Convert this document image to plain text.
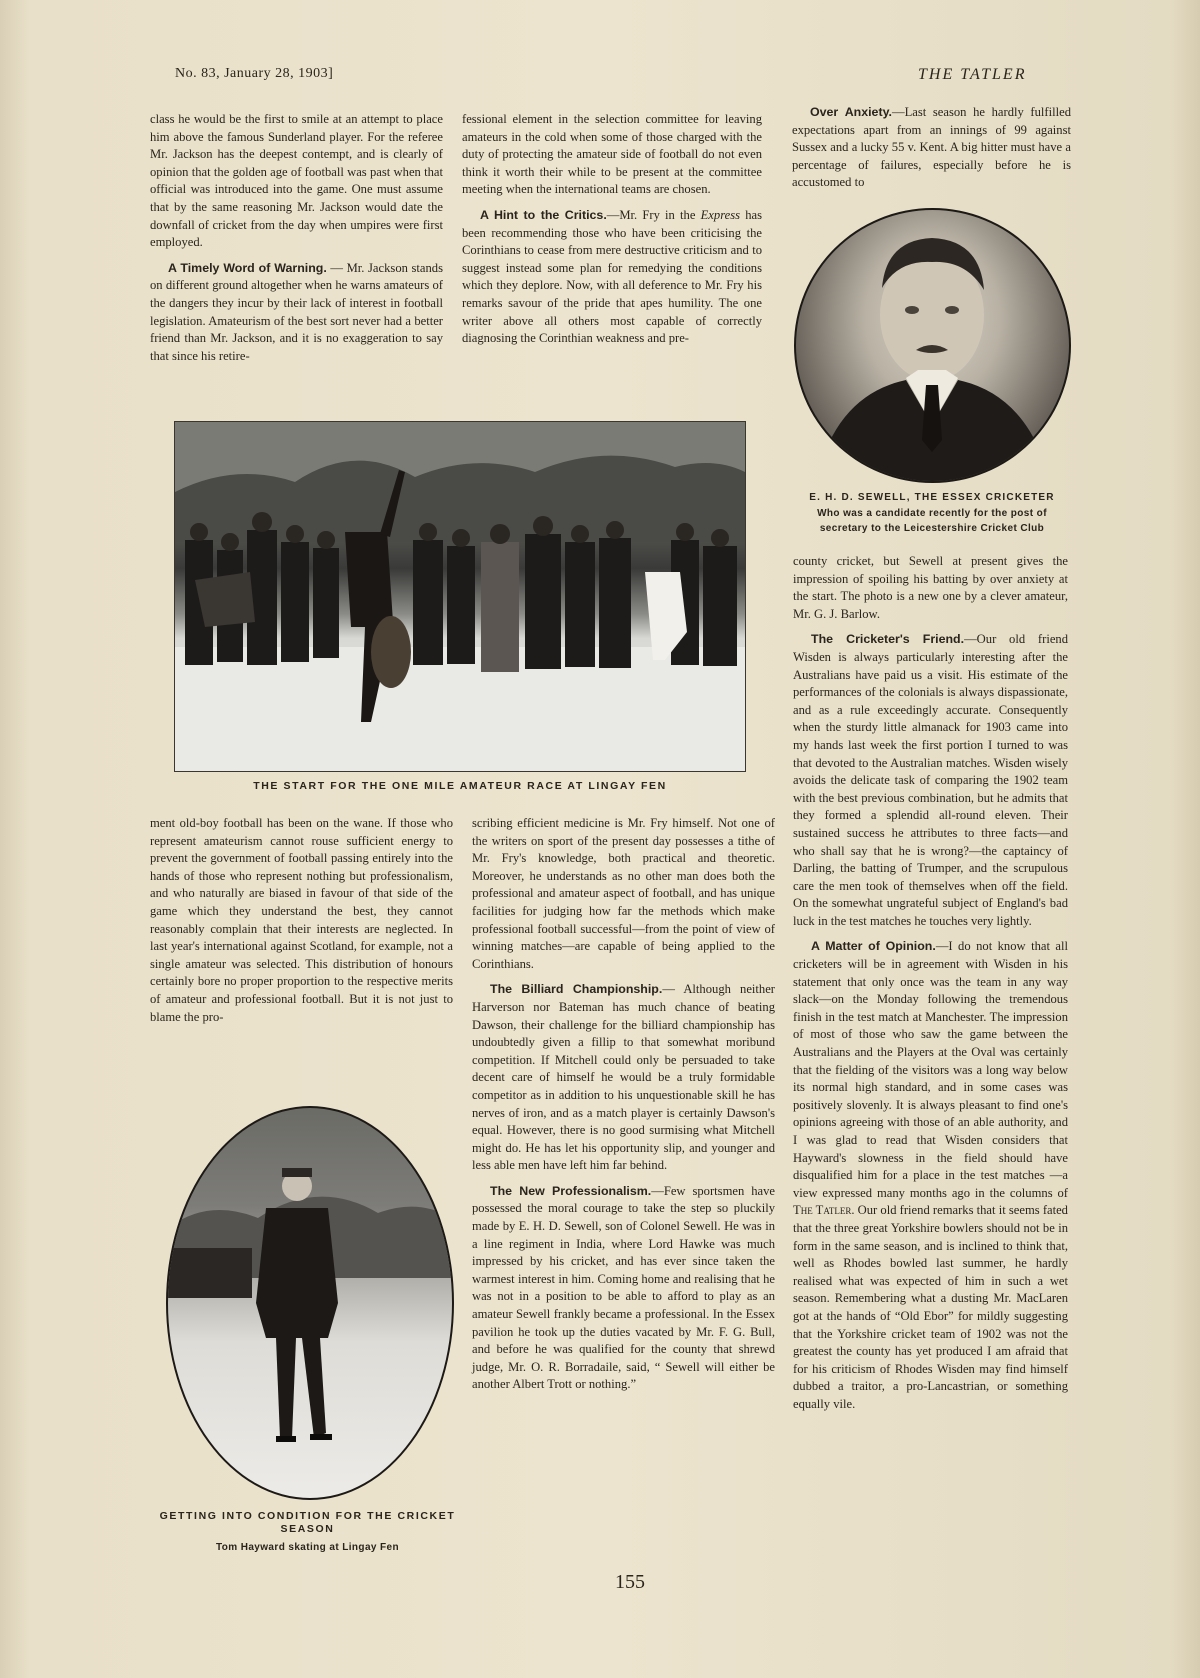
No. 83, January 28, 1903]	THE TATLER

class he would be the first to smile at an attempt to place him above the famous Sunderland player. For the referee Mr. Jackson has the deepest contempt, and is clearly of opinion that the golden age of football was past when that official was introduced into the game. One must assume that by the same reasoning Mr. Jackson would date the downfall of cricket from the day when umpires were first employed.

A Timely Word of Warning. — Mr. Jackson stands on different ground altogether when he warns amateurs of the dangers they incur by their lack of interest in football legislation. Amateurism of the best sort never had a better friend than Mr. Jackson, and it is no exaggeration to say that since his retire-

fessional element in the selection committee for leaving amateurs in the cold when some of those charged with the duty of protecting the amateur side of football do not even think it worth their while to be present at the committee meeting when the international teams are chosen.

A Hint to the Critics.—Mr. Fry in the Express has been recommending those who have been criticising the Corinthians to cease from mere destructive criticism and to suggest instead some plan for remedying the conditions which they deplore. Now, with all deference to Mr. Fry his remarks savour of the pride that apes humility. The one writer above all others most capable of correctly diagnosing the Corinthian weakness and pre-

Over Anxiety.—Last season he hardly fulfilled expectations apart from an innings of 99 against Sussex and a lucky 55 v. Kent. A big hitter must have a percentage of failures, especially before he is accustomed to

E. H. D. SEWELL, THE ESSEX CRICKETER
Who was a candidate recently for the post of
secretary to the Leicestershire Cricket Club
THE START FOR THE ONE MILE AMATEUR RACE AT LINGAY FEN

ment old-boy football has been on the wane. If those who represent amateurism cannot rouse sufficient energy to prevent the government of football passing entirely into the hands of those who represent nothing but professionalism, and who naturally are biased in favour of that side of the game which they understand the best, they cannot reasonably complain that their interests are neglected. In last year's international against Scotland, for example, not a single amateur was selected. This distribution of honours certainly bore no proper proportion to the respective merits of amateur and professional football. But it is not just to blame the pro-

GETTING INTO CONDITION FOR THE CRICKET
SEASON
Tom Hayward skating at Lingay Fen

scribing efficient medicine is Mr. Fry himself. Not one of the writers on sport of the present day possesses a tithe of Mr. Fry's knowledge, both practical and theoretic. Moreover, he understands as no other man does both the professional and amateur aspect of football, and has unique facilities for judging how far the methods which make professional football successful—from the point of view of winning matches—are capable of being applied to the Corinthians.

The Billiard Championship.— Although neither Harverson nor Bateman has much chance of beating Dawson, their challenge for the billiard championship has undoubtedly given a fillip to that somewhat moribund competition. If Mitchell could only be persuaded to take decent care of himself he would be a truly formidable competitor as in addition to his unquestionable skill he has nerves of iron, and as a match player is certainly Dawson's equal. However, there is no good surmising what Mitchell might do. He has let his opportunity slip, and younger and less able men have left him far behind.

The New Professionalism.—Few sportsmen have possessed the moral courage to take the step so pluckily made by E. H. D. Sewell, son of Colonel Sewell. He was in a line regiment in India, where Lord Hawke was much impressed by his cricket, and has ever since taken the warmest interest in him. Coming home and realising that he was not in a position to be able to afford to play as an amateur Sewell frankly became a professional. In the Essex pavilion he took up the duties vacated by Mr. F. G. Bull, and before he was qualified for the county that shrewd judge, Mr. O. R. Borradaile, said, “ Sewell will either be another Albert Trott or nothing.”

county cricket, but Sewell at present gives the impression of spoiling his batting by over anxiety at the start. The photo is a new one by a clever amateur, Mr. G. J. Barlow.

The Cricketer's Friend.—Our old friend Wisden is always particularly interesting after the Australians have paid us a visit. His estimate of the performances of the colonials is always dispassionate, and as a rule exceedingly accurate. Consequently when the sturdy little almanack for 1903 came into my hands last week the first portion I turned to was that devoted to the Australian matches. Wisden wisely avoids the delicate task of comparing the 1902 team with the best previous combination, but he admits that they formed a splendid all-round eleven. Their sustained success he attributes to three facts—and who shall say that he is wrong?—the captaincy of Darling, the batting of Trumper, and the scrupulous care the men took of themselves when off the field. On the somewhat ungrateful subject of England's bad luck in the test matches he touches very lightly.

A Matter of Opinion.—I do not know that all cricketers will be in agreement with Wisden in his statement that only once was the team in any way slack—on the Monday following the tremendous finish in the test match at Manchester. The impression of most of those who saw the game between the Australians and the Players at the Oval was certainly that the fielding of the visitors was a long way below its normal high standard, and in some cases was positively slovenly. It is always pleasant to find one's opinions agreeing with those of an able authority, and I was glad to read that Wisden considers that Hayward's slowness in the field should have disqualified him for a place in the test matches —a view expressed many months ago in the columns of The Tatler. Our old friend remarks that it seems fated that the three great Yorkshire bowlers should not be in form in the same season, and is inclined to think that, well as Rhodes bowled last summer, he hardly realised what was expected of him in such a wet season. Remembering what a dusting Mr. MacLaren got at the hands of “Old Ebor” for mildly suggesting that the Yorkshire cricket team of 1902 was not the greatest the county has yet produced I am afraid that for his criticism of Rhodes Wisden may find himself dubbed a traitor, a pro-Lancastrian, or something equally vile.

155
